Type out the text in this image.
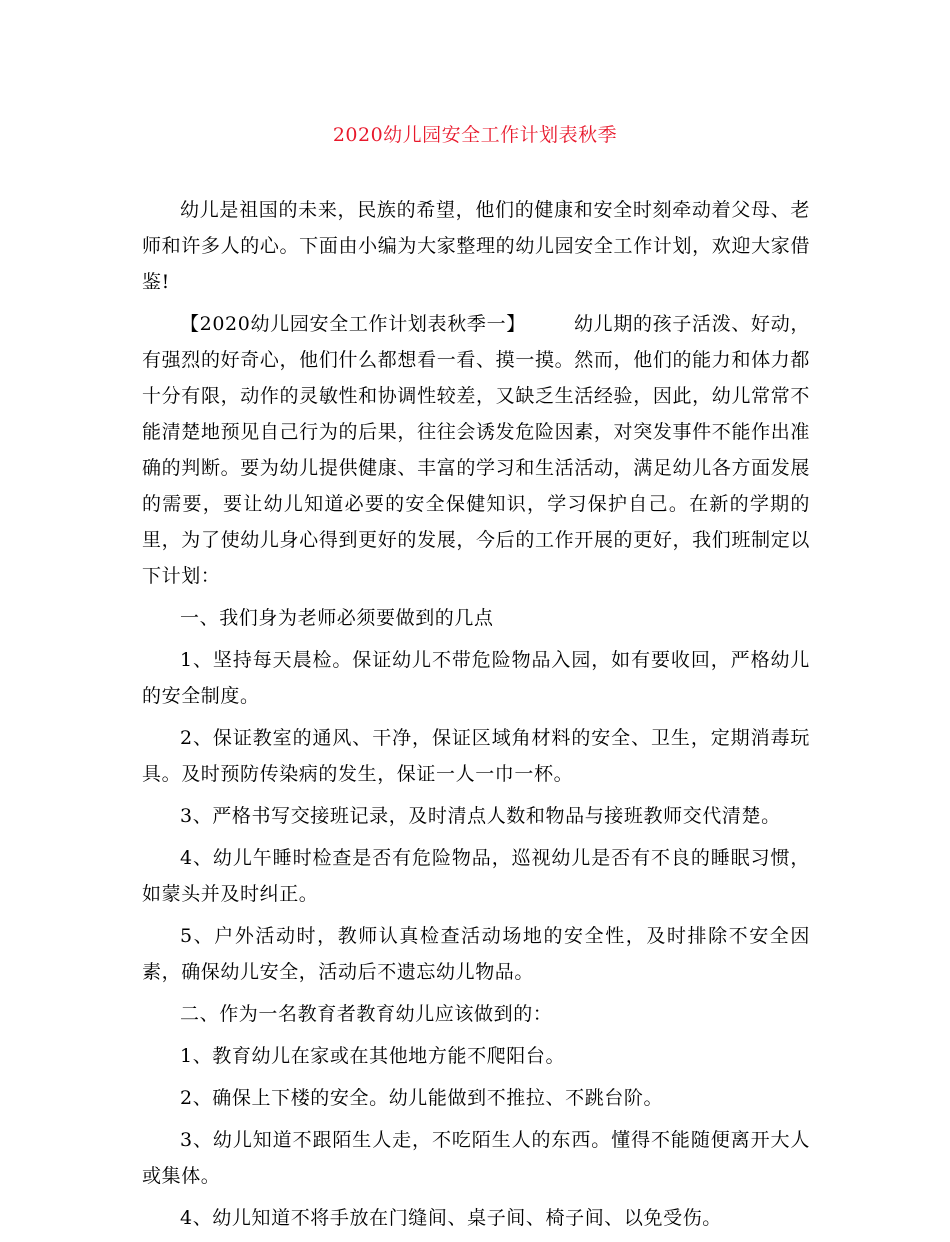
2020幼儿园安全工作计划表秋季

幼儿是祖国的未来，民族的希望，他们的健康和安全时刻牵动着父母、老师和许多人的心。下面由小编为大家整理的幼儿园安全工作计划，欢迎大家借鉴!

【2020幼儿园安全工作计划表秋季一】	幼儿期的孩子活泼、好动，有强烈的好奇心，他们什么都想看一看、摸一摸。然而，他们的能力和体力都十分有限，动作的灵敏性和协调性较差，又缺乏生活经验，因此，幼儿常常不能清楚地预见自己行为的后果，往往会诱发危险因素，对突发事件不能作出准确的判断。要为幼儿提供健康、丰富的学习和生活活动，满足幼儿各方面发展的需要，要让幼儿知道必要的安全保健知识，学习保护自己。在新的学期的里，为了使幼儿身心得到更好的发展，今后的工作开展的更好，我们班制定以下计划：

一、我们身为老师必须要做到的几点

1、坚持每天晨检。保证幼儿不带危险物品入园，如有要收回，严格幼儿的安全制度。

2、保证教室的通风、干净，保证区域角材料的安全、卫生，定期消毒玩具。及时预防传染病的发生，保证一人一巾一杯。

3、严格书写交接班记录，及时清点人数和物品与接班教师交代清楚。

4、幼儿午睡时检查是否有危险物品，巡视幼儿是否有不良的睡眠习惯，如蒙头并及时纠正。

5、户外活动时，教师认真检查活动场地的安全性，及时排除不安全因素，确保幼儿安全，活动后不遗忘幼儿物品。

二、作为一名教育者教育幼儿应该做到的：

1、教育幼儿在家或在其他地方能不爬阳台。

2、确保上下楼的安全。幼儿能做到不推拉、不跳台阶。

3、幼儿知道不跟陌生人走，不吃陌生人的东西。懂得不能随便离开大人或集体。

4、幼儿知道不将手放在门缝间、桌子间、椅子间、以免受伤。
